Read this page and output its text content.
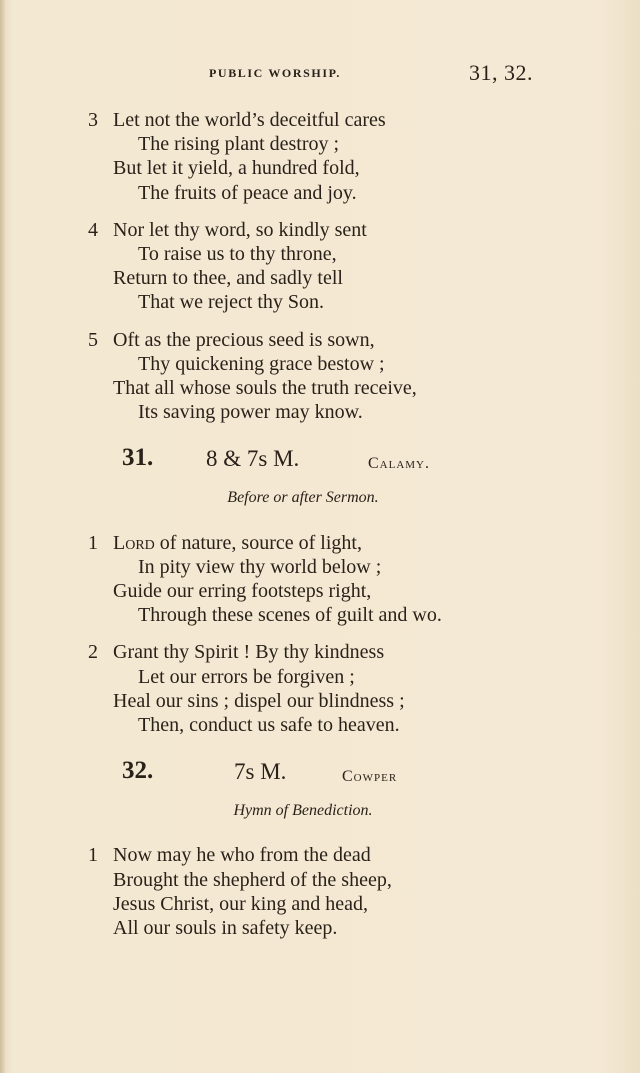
PUBLIC WORSHIP.	31, 32.
3 Let not the world’s deceitful cares
The rising plant destroy ;
But let it yield, a hundred fold,
The fruits of peace and joy.
4 Nor let thy word, so kindly sent
To raise us to thy throne,
Return to thee, and sadly tell
That we reject thy Son.
5 Oft as the precious seed is sown,
Thy quickening grace bestow ;
That all whose souls the truth receive,
Its saving power may know.
31. 8 & 7s M.	Calamy.
Before or after Sermon.
1 Lord of nature, source of light,
In pity view thy world below ;
Guide our erring footsteps right,
Through these scenes of guilt and wo.
2 Grant thy Spirit ! By thy kindness
Let our errors be forgiven ;
Heal our sins ; dispel our blindness ;
Then, conduct us safe to heaven.
32.	7s M.	Cowper
Hymn of Benediction.
1 Now may he who from the dead
Brought the shepherd of the sheep,
Jesus Christ, our king and head,
All our souls in safety keep.
